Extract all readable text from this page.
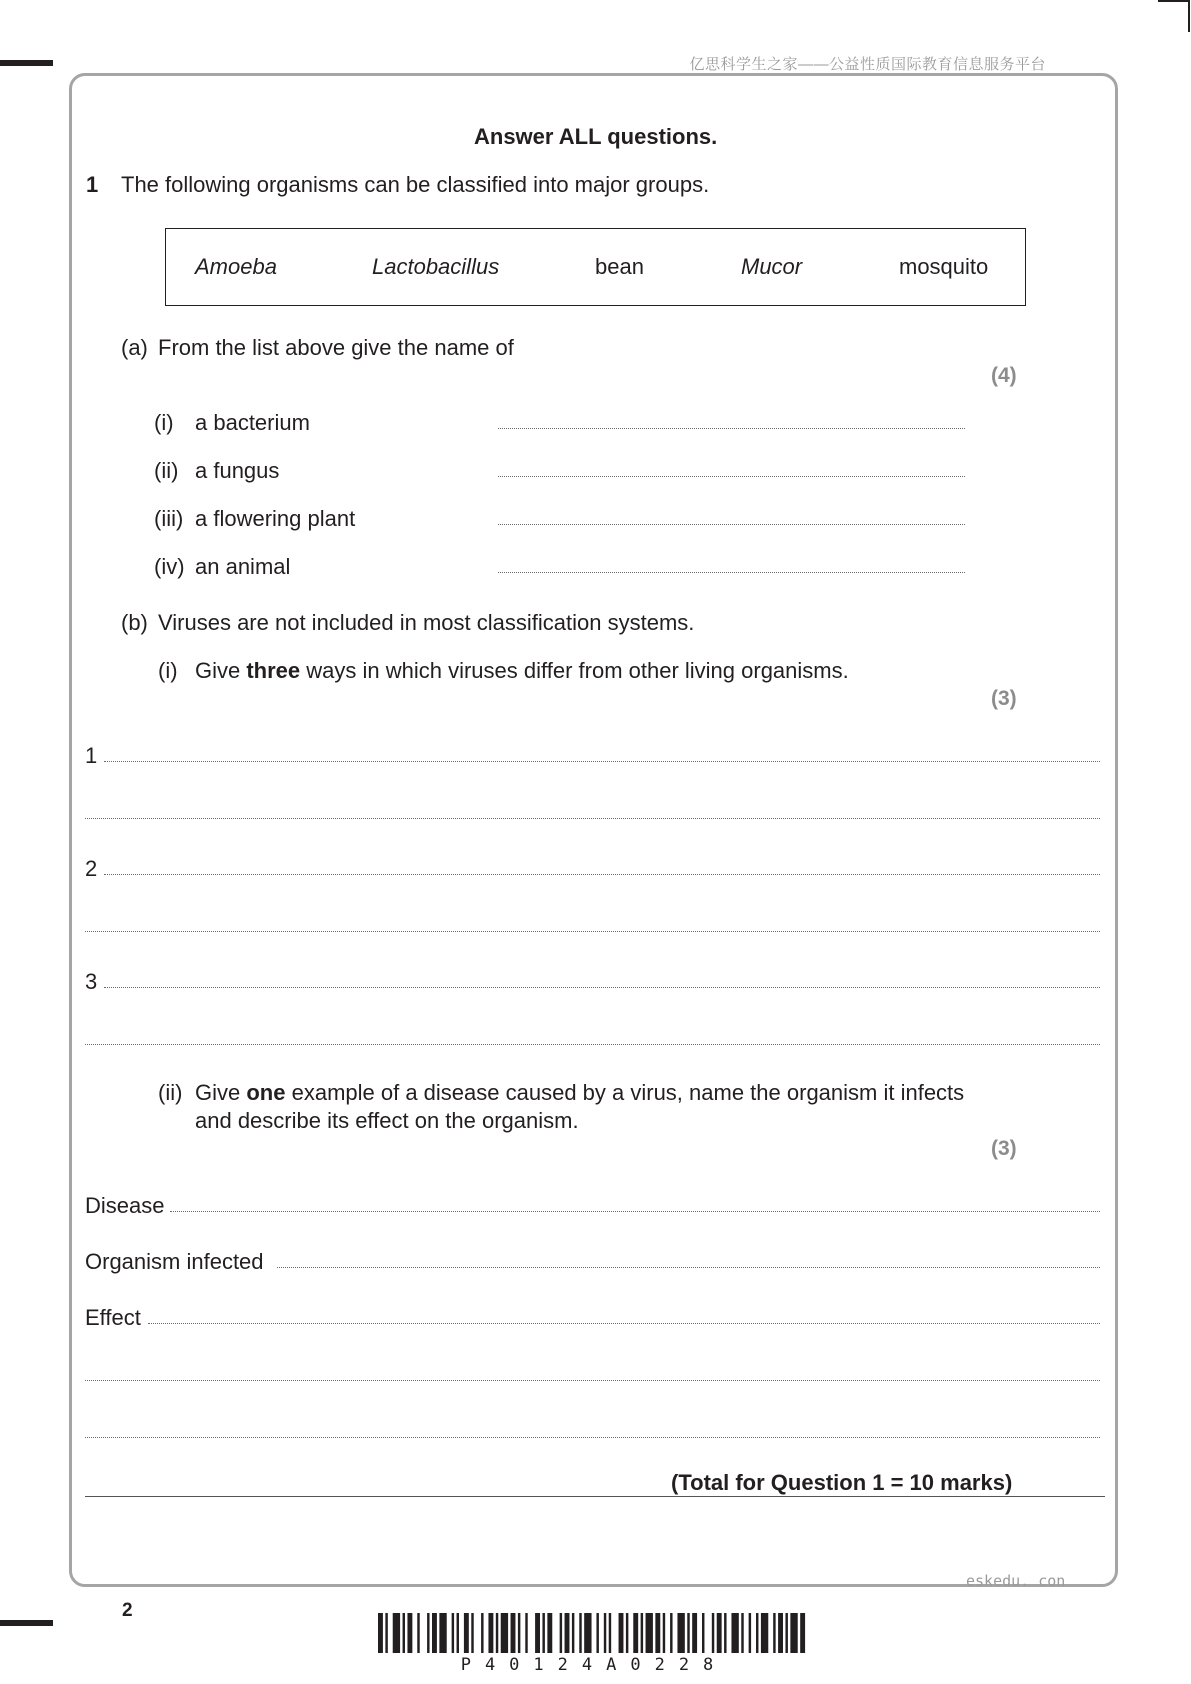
亿思科学生之家——公益性质国际教育信息服务平台
Answer ALL questions.
1 The following organisms can be classified into major groups.
Amoeba	Lactobacillus	bean	Mucor	mosquito
(a) From the list above give the name of
(4)
(i) a bacterium
(ii) a fungus
(iii) a flowering plant
(iv) an animal
(b) Viruses are not included in most classification systems.
(i) Give three ways in which viruses differ from other living organisms.
(3)
1
2
3
(ii) Give one example of a disease caused by a virus, name the organism it infects
and describe its effect on the organism.
(3)
Disease
Organism infected
Effect
(Total for Question 1 = 10 marks)
eskedu. con
2
P40124A0228
